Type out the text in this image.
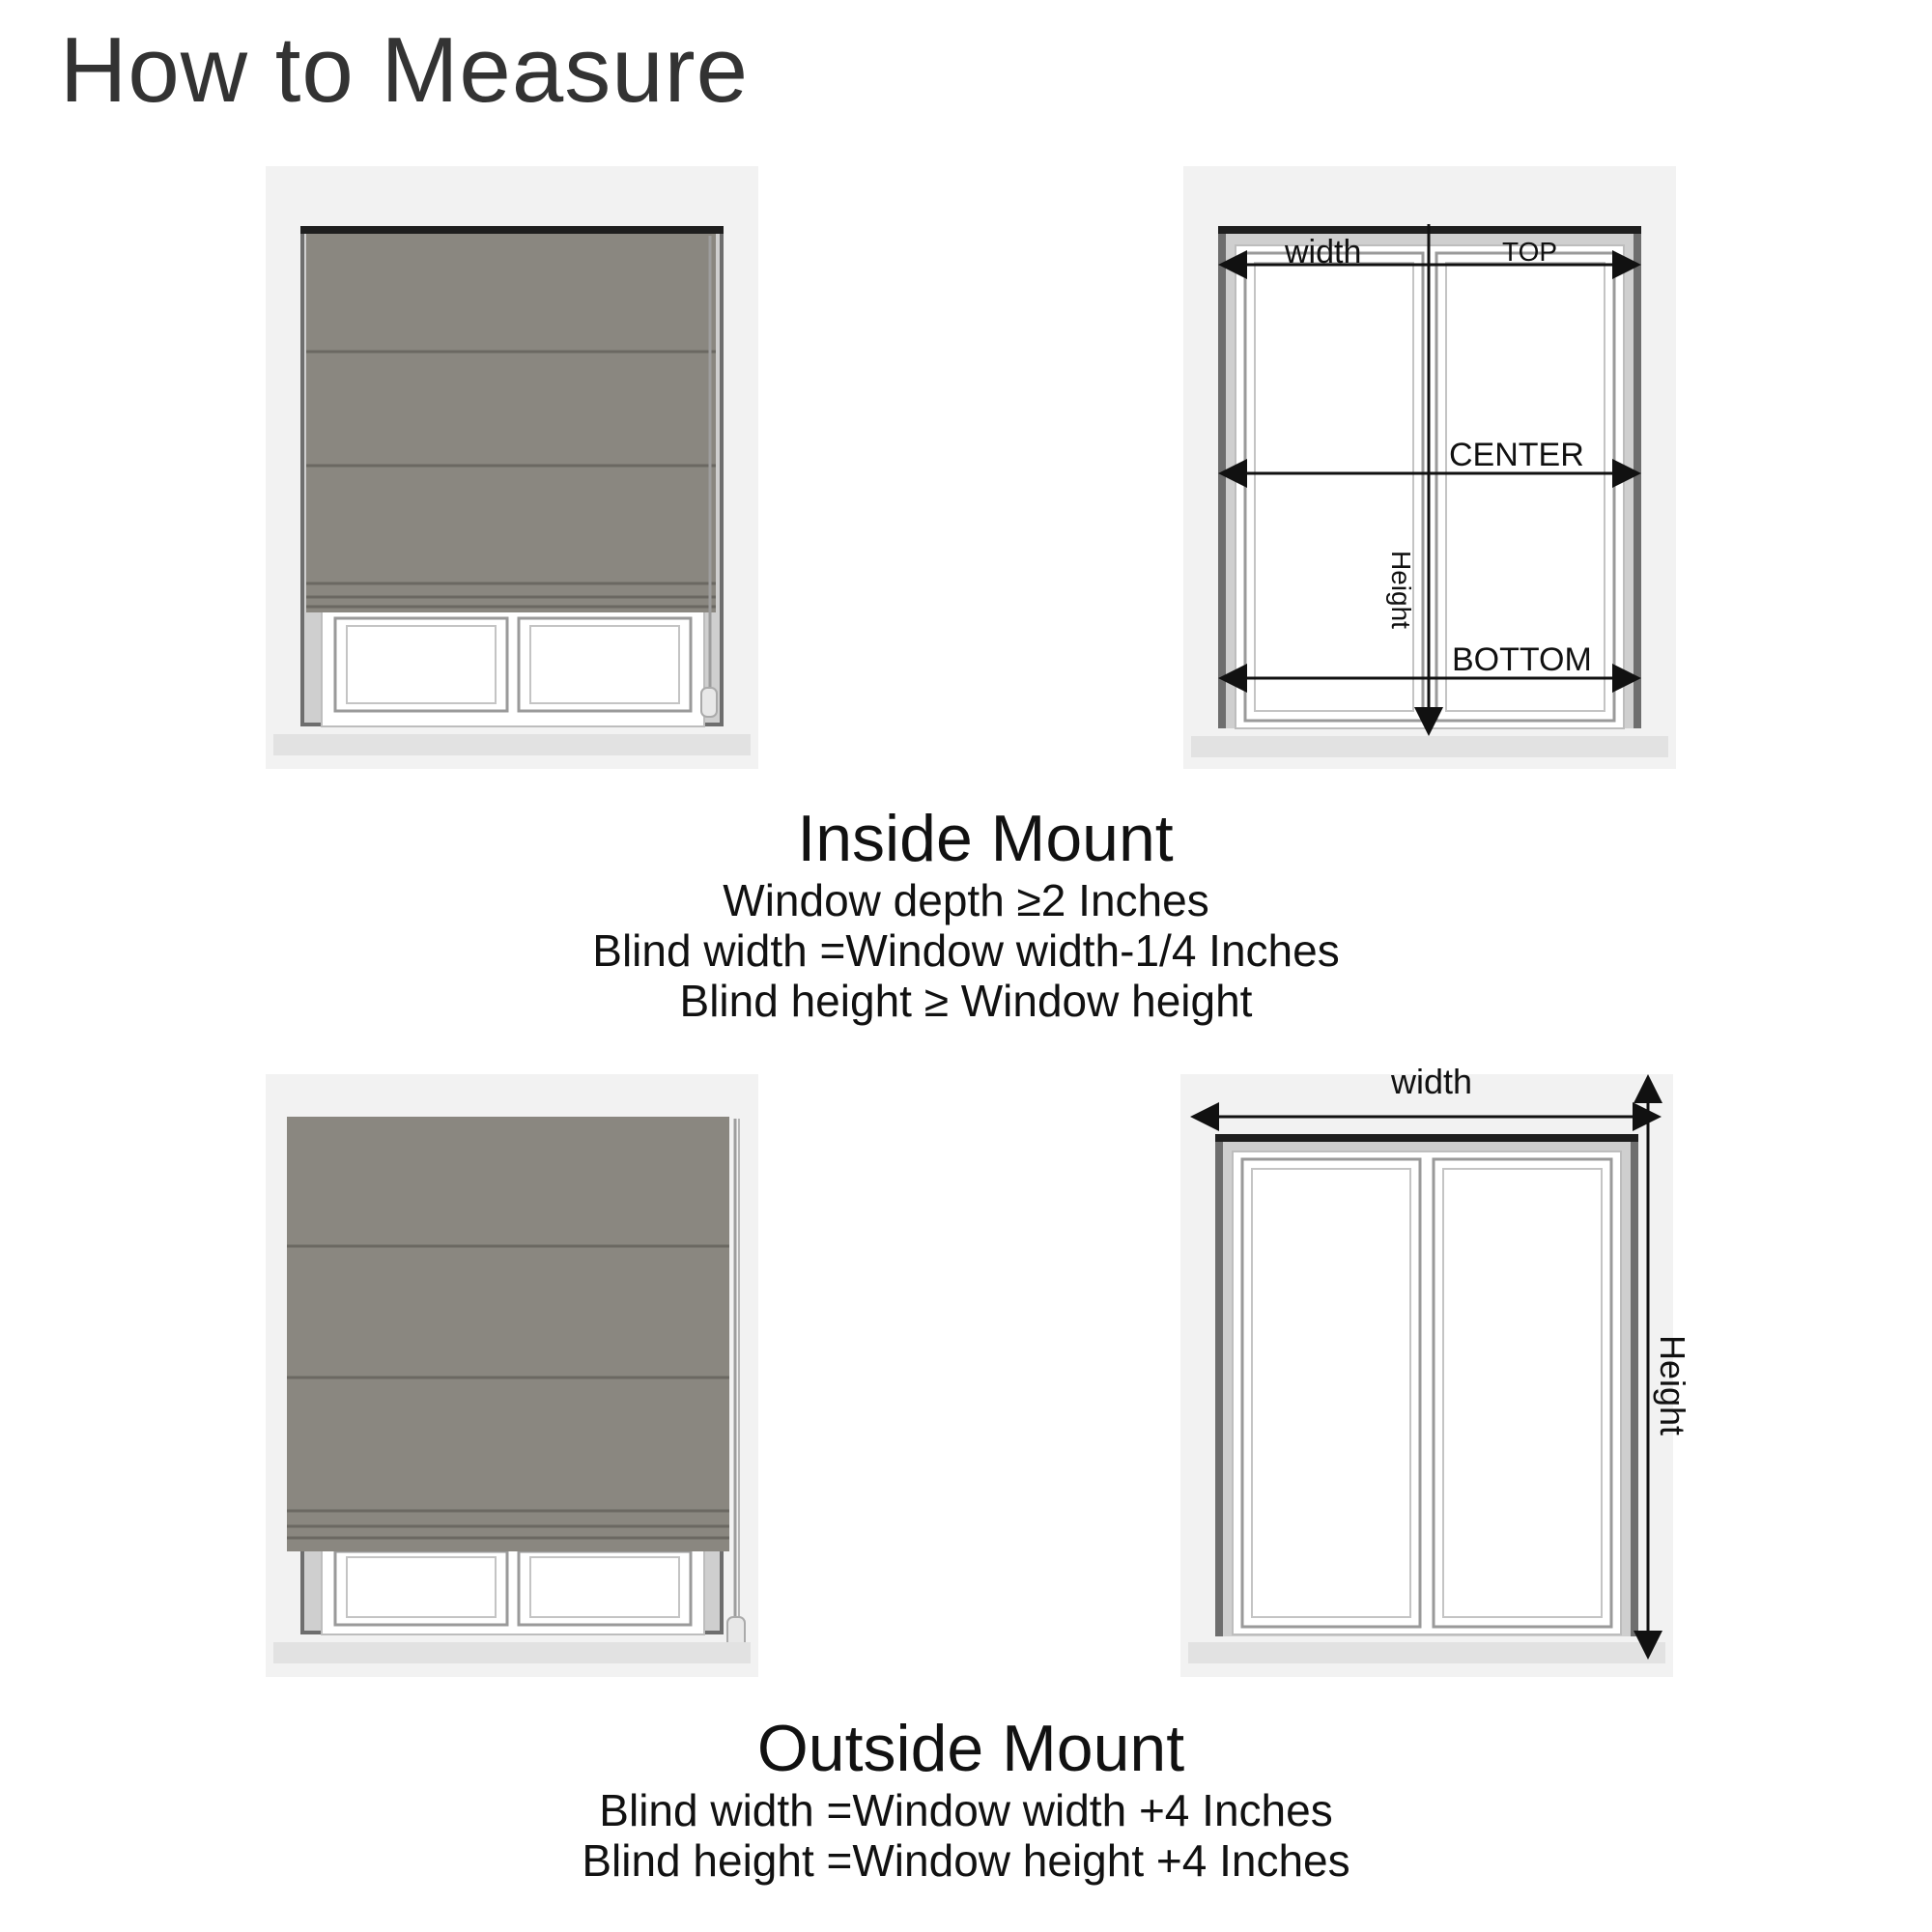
How to Measure
width	TOP
CENTER
BOTTOM
Height
Inside Mount
Window depth ≥2 Inches
Blind width =Window width-1/4 Inches
Blind height ≥ Window height
width
Height
Outside Mount
Blind width =Window width +4 Inches
Blind height =Window height +4 Inches
